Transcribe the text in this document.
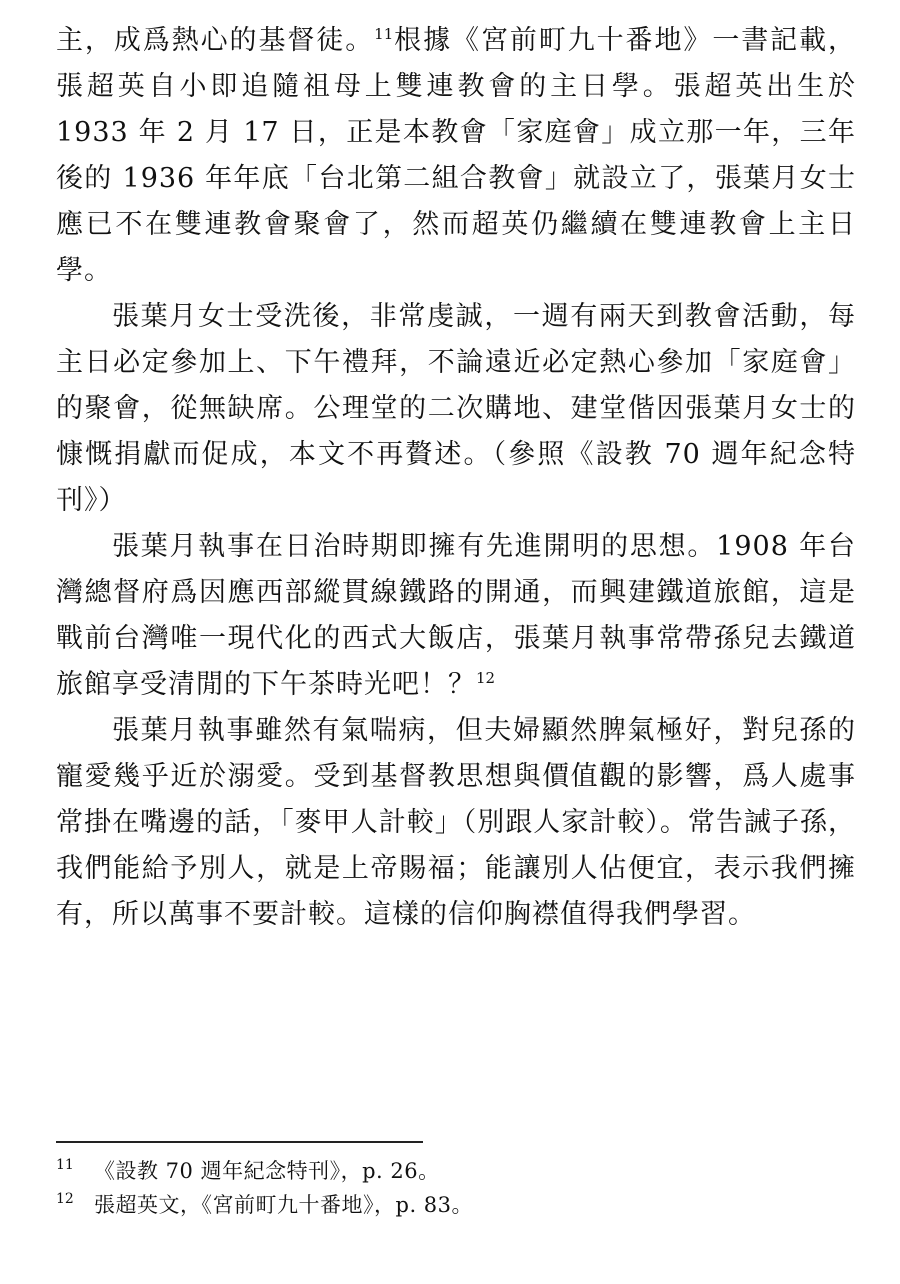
主，成爲熱心的基督徒。$^{11}$根據《宮前町九十番地》一書記載，張超英自小即追隨祖母上雙連教會的主日學。張超英出生於 1933 年 2 月 17 日，正是本教會「家庭會」成立那一年，三年後的 1936 年年底「台北第二組合教會」就設立了，張葉月女士應已不在雙連教會聚會了，然而超英仍繼續在雙連教會上主日學。

張葉月女士受洗後，非常虔誠，一週有兩天到教會活動，每主日必定參加上、下午禮拜，不論遠近必定熱心參加「家庭會」的聚會，從無缺席。公理堂的二次購地、建堂偕因張葉月女士的慷慨捐獻而促成，本文不再贅述。（參照《設教 70 週年紀念特刊》）

張葉月執事在日治時期即擁有先進開明的思想。1908 年台灣總督府爲因應西部縱貫線鐵路的開通，而興建鐵道旅館，這是戰前台灣唯一現代化的西式大飯店，張葉月執事常帶孫兒去鐵道旅館享受清閒的下午茶時光吧！？$^{12}$

張葉月執事雖然有氣喘病，但夫婦顯然脾氣極好，對兒孫的寵愛幾乎近於溺愛。受到基督教思想與價值觀的影響，爲人處事常掛在嘴邊的話，「麥甲人計較」（別跟人家計較）。常告誡子孫，我們能給予別人，就是上帝賜福；能讓別人佔便宜，表示我們擁有，所以萬事不要計較。這樣的信仰胸襟值得我們學習。

11 《設教 70 週年紀念特刊》，p. 26。
12 張超英文，《宮前町九十番地》，p. 83。
